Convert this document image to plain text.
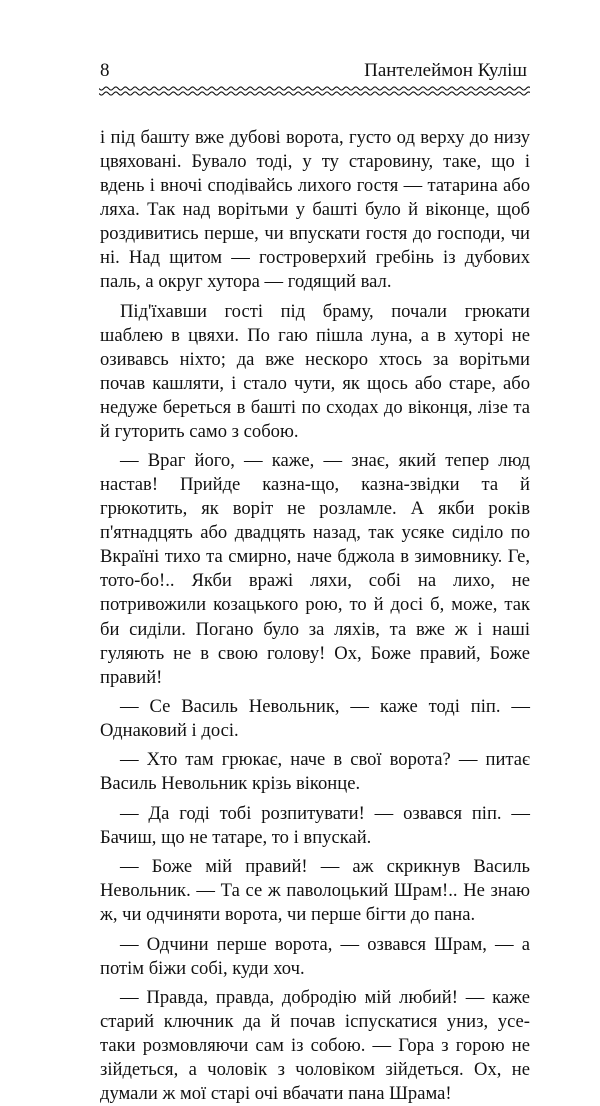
8	Пантелеймон Куліш

і під башту вже дубові ворота, густо од верху до низу цвяховані. Бувало тоді, у ту старовину, таке, що і вдень і вночі сподівайсь лихого гостя — татарина або ляха. Так над ворітьми у башті було й віконце, щоб роздивитись перше, чи впускати гостя до господи, чи ні. Над щитом — гостроверхий гребінь із дубових паль, а округ хутора — годящий вал.

Під'їхавши гості під браму, почали грюкати шаблею в цвяхи. По гаю пішла луна, а в хуторі не озивавсь ніхто; да вже нескоро хтось за ворітьми почав кашляти, і стало чути, як щось або старе, або недуже береться в башті по сходах до віконця, лізе та й гуторить само з собою.

— Враг його, — каже, — знає, який тепер люд настав! Прийде казна-що, казна-звідки та й грюкотить, як воріт не розламле. А якби років п'ятнадцять або двадцять назад, так усяке сиділо по Вкраїні тихо та смирно, наче бджола в зимовнику. Ге, тото-бо!.. Якби вражі ляхи, собі на лихо, не потривожили козацького рою, то й досі б, може, так би сиділи. Погано було за ляхів, та вже ж і наші гуляють не в свою голову! Ох, Боже правий, Боже правий!

— Се Василь Невольник, — каже тоді піп. — Однаковий і досі.

— Хто там грюкає, наче в свої ворота? — питає Василь Невольник крізь віконце.

— Да годі тобі розпитувати! — озвався піп. — Бачиш, що не татаре, то і впускай.

— Боже мій правий! — аж скрикнув Василь Невольник. — Та се ж паволоцький Шрам!.. Не знаю ж, чи одчиняти ворота, чи перше бігти до пана.

— Одчини перше ворота, — озвався Шрам, — а потім біжи собі, куди хоч.

— Правда, правда, добродію мій любий! — каже старий ключник да й почав іспускатися униз, усе-таки розмовляючи сам із собою. — Гора з горою не зійдеться, а чоловік з чоловіком зійдеться. Ох, не думали ж мої старі очі вбачати пана Шрама!
